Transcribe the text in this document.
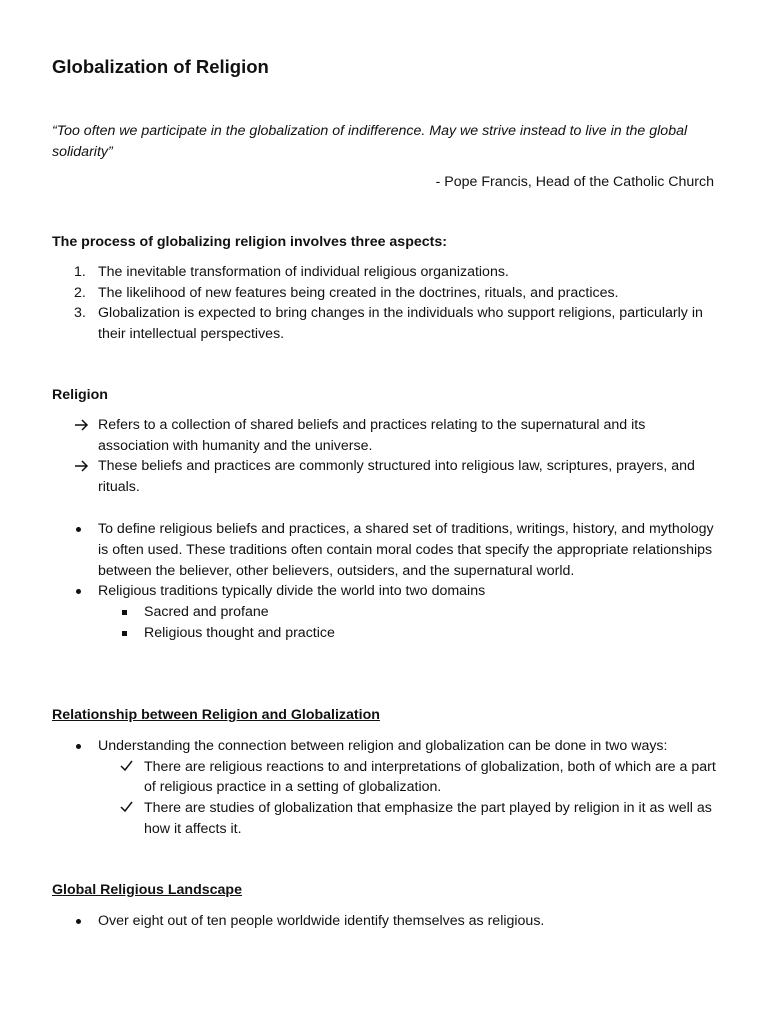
Globalization of Religion

“Too often we participate in the globalization of indifference. May we strive instead to live in the global solidarity”

- Pope Francis, Head of the Catholic Church

The process of globalizing religion involves three aspects:

1. The inevitable transformation of individual religious organizations.
2. The likelihood of new features being created in the doctrines, rituals, and practices.
3. Globalization is expected to bring changes in the individuals who support religions, particularly in their intellectual perspectives.

Religion

Refers to a collection of shared beliefs and practices relating to the supernatural and its association with humanity and the universe.
These beliefs and practices are commonly structured into religious law, scriptures, prayers, and rituals.
To define religious beliefs and practices, a shared set of traditions, writings, history, and mythology is often used. These traditions often contain moral codes that specify the appropriate relationships between the believer, other believers, outsiders, and the supernatural world.
Religious traditions typically divide the world into two domains
Sacred and profane
Religious thought and practice

Relationship between Religion and Globalization

Understanding the connection between religion and globalization can be done in two ways:
There are religious reactions to and interpretations of globalization, both of which are a part of religious practice in a setting of globalization.
There are studies of globalization that emphasize the part played by religion in it as well as how it affects it.

Global Religious Landscape

Over eight out of ten people worldwide identify themselves as religious.
